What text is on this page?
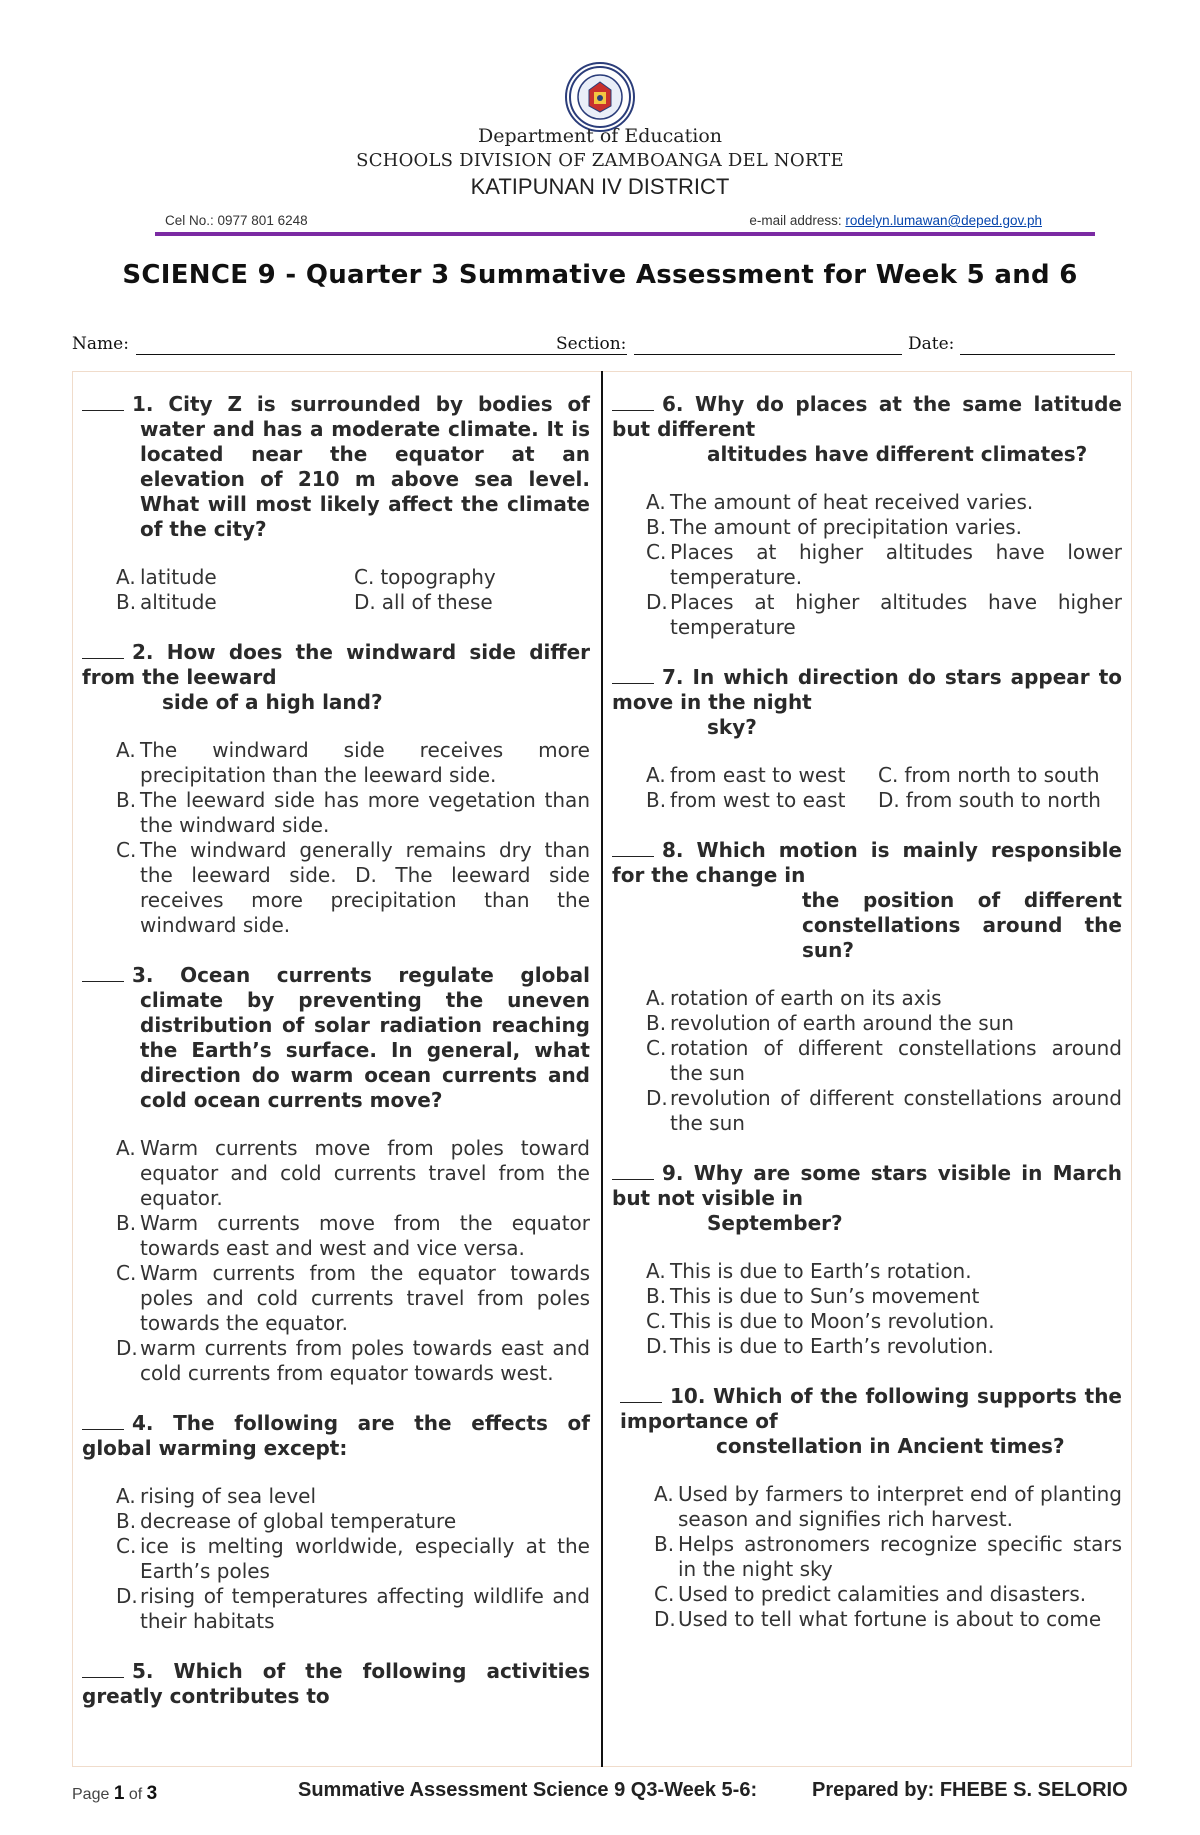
Department of Education
SCHOOLS DIVISION OF ZAMBOANGA DEL NORTE
KATIPUNAN IV DISTRICT
Cel No.: 0977 801 6248	e-mail address: rodelyn.lumawan@deped.gov.ph
SCIENCE 9 - Quarter 3 Summative Assessment for Week 5 and 6
Name:	Section:	Date:

1. City Z is surrounded by bodies of water and has a moderate climate. It is located near the equator at an elevation of 210 m above sea level. What will most likely affect the climate of the city?

A. latitude
B. altitude
C. topography
D. all of these

2. How does the windward side differ from the leeward
side of a high land?

A. The windward side receives more precipitation than the leeward side.
B. The leeward side has more vegetation than the windward side.
C. The windward generally remains dry than the leeward side. D. The leeward side receives more precipitation than the windward side.

3. Ocean currents regulate global climate by preventing the uneven distribution of solar radiation reaching the Earth’s surface. In general, what direction do warm ocean currents and cold ocean currents move?

A. Warm currents move from poles toward equator and cold currents travel from the equator.
B. Warm currents move from the equator towards east and west and vice versa.
C. Warm currents from the equator towards poles and cold currents travel from poles towards the equator.
D. warm currents from poles towards east and cold currents from equator towards west.

4. The following are the effects of global warming except:

A. rising of sea level
B. decrease of global temperature
C. ice is melting worldwide, especially at the Earth’s poles
D. rising of temperatures affecting wildlife and their habitats

5. Which of the following activities greatly contributes to

6. Why do places at the same latitude but different
altitudes have different climates?

A. The amount of heat received varies.
B. The amount of precipitation varies.
C. Places at higher altitudes have lower temperature.
D. Places at higher altitudes have higher temperature

7. In which direction do stars appear to move in the night
sky?

A. from east to west
B. from west to east
C. from north to south
D. from south to north

8. Which motion is mainly responsible for the change in
the position of different constellations around the sun?

A. rotation of earth on its axis
B. revolution of earth around the sun
C. rotation of different constellations around the sun
D. revolution of different constellations around the sun

9. Why are some stars visible in March but not visible in
September?

A. This is due to Earth’s rotation.
B. This is due to Sun’s movement
C. This is due to Moon’s revolution.
D. This is due to Earth’s revolution.

10. Which of the following supports the importance of
constellation in Ancient times?

A. Used by farmers to interpret end of planting season and signifies rich harvest.
B. Helps astronomers recognize specific stars in the night sky
C. Used to predict calamities and disasters.
D. Used to tell what fortune is about to come
Page 1 of 3	Summative Assessment Science 9 Q3-Week 5-6:	Prepared by: FHEBE S. SELORIO
